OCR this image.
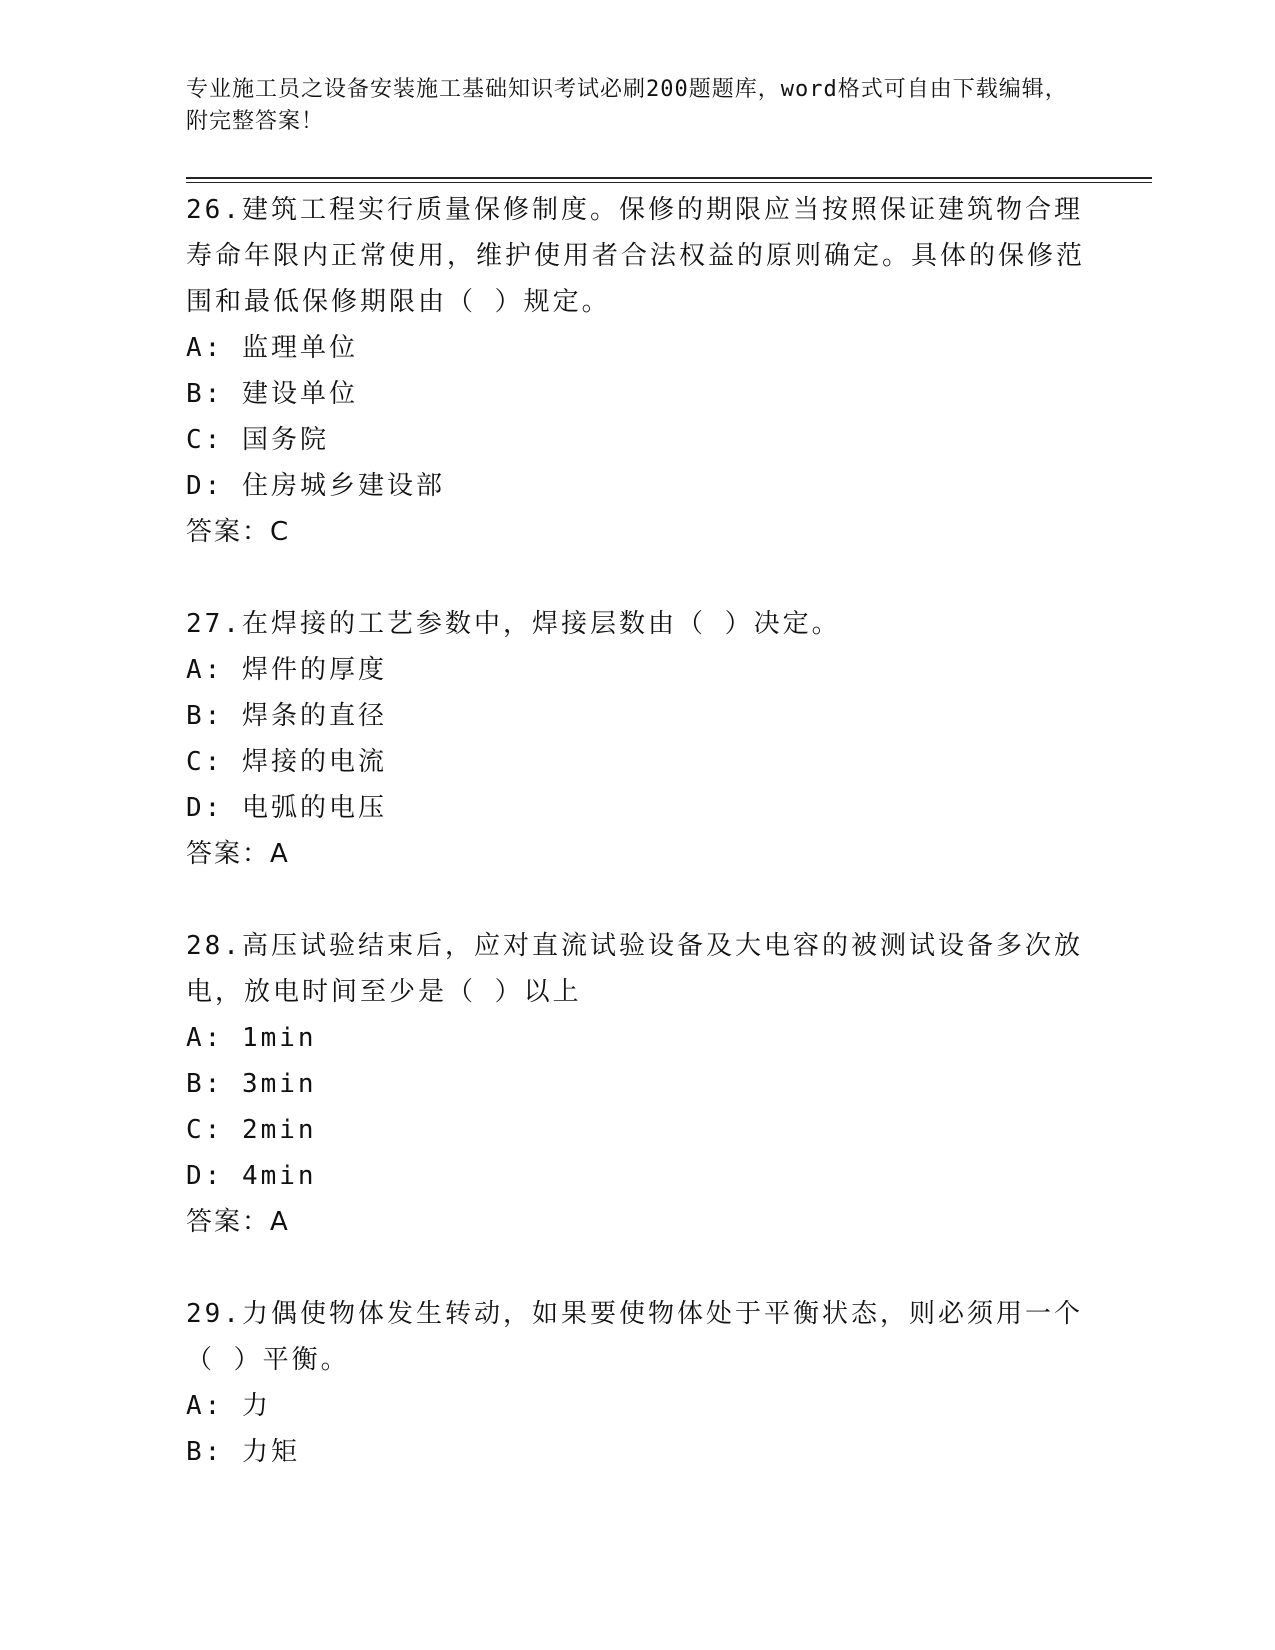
专业施工员之设备安装施工基础知识考试必刷200题题库，word格式可自由下载编辑，附完整答案！
26.建筑工程实行质量保修制度。保修的期限应当按照保证建筑物合理寿命年限内正常使用，维护使用者合法权益的原则确定。具体的保修范围和最低保修期限由（ ）规定。
A: 监理单位
B: 建设单位
C: 国务院
D: 住房城乡建设部
答案：C
27.在焊接的工艺参数中，焊接层数由（ ）决定。
A: 焊件的厚度
B: 焊条的直径
C: 焊接的电流
D: 电弧的电压
答案：A
28.高压试验结束后，应对直流试验设备及大电容的被测试设备多次放电，放电时间至少是（ ）以上
A: 1min
B: 3min
C: 2min
D: 4min
答案：A
29.力偶使物体发生转动，如果要使物体处于平衡状态，则必须用一个（ ）平衡。
A: 力
B: 力矩
